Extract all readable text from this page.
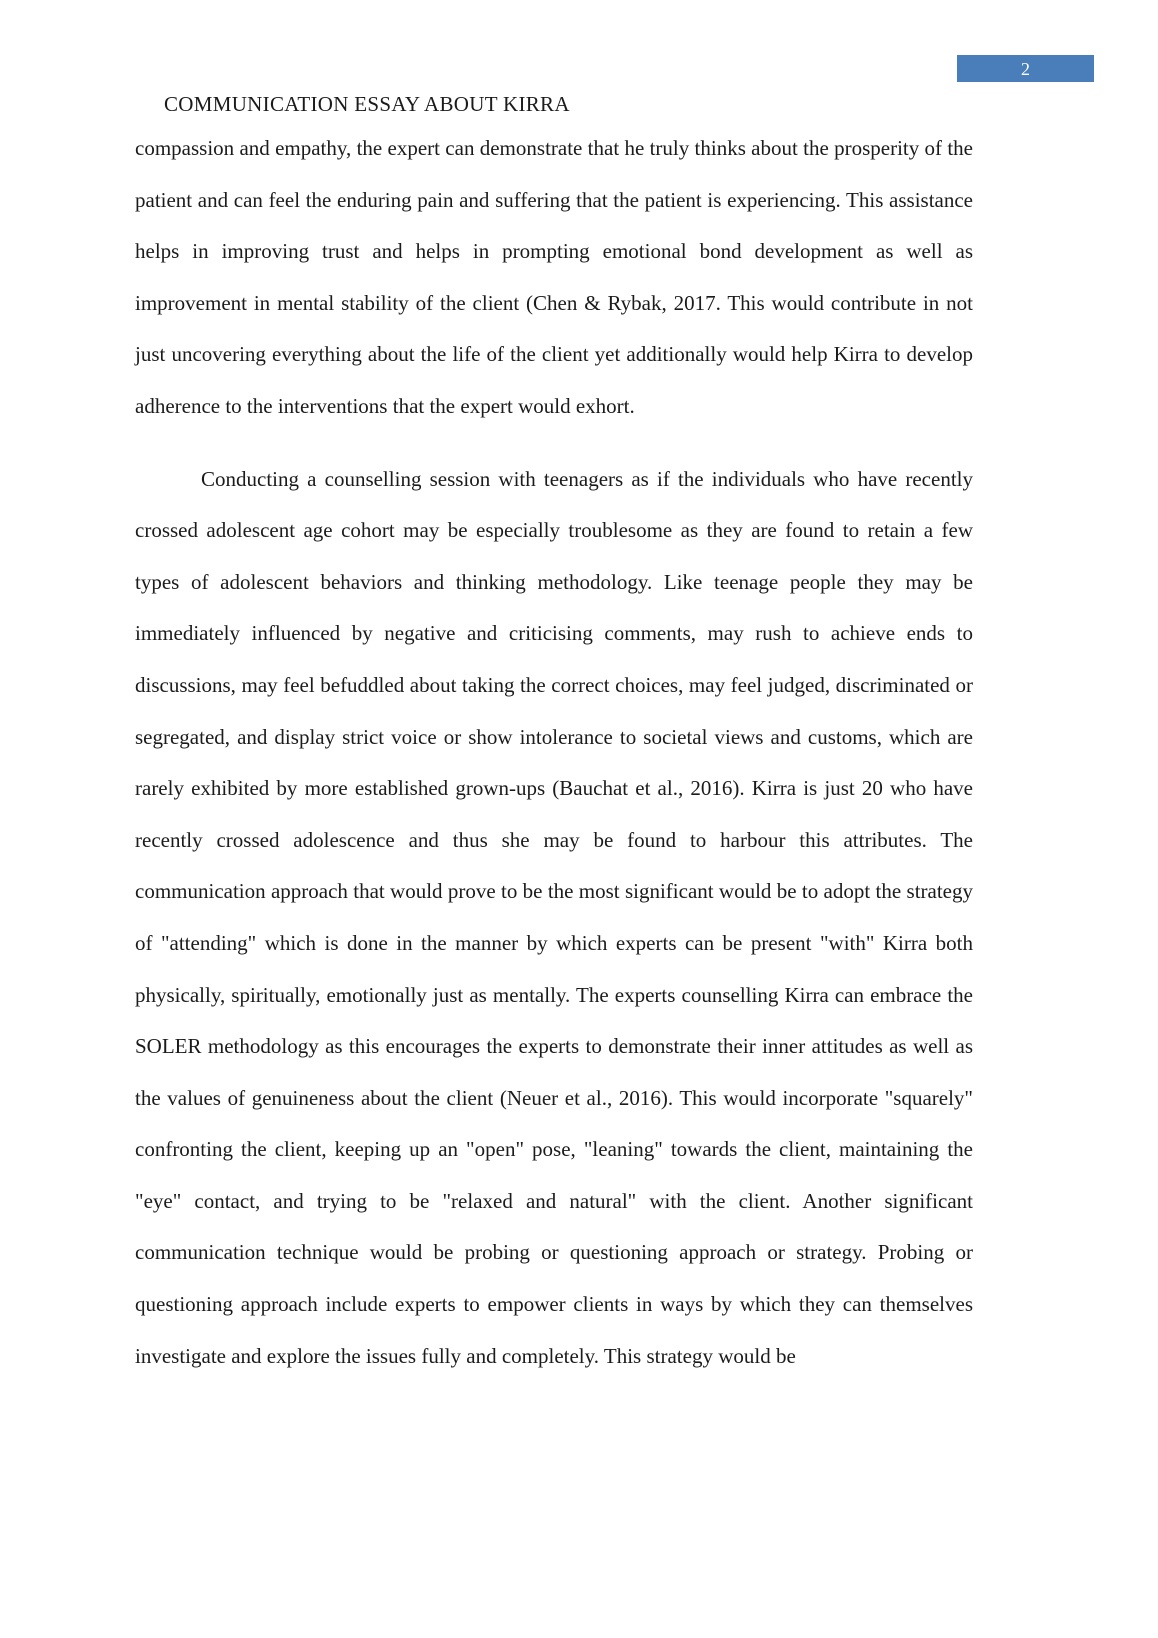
2
COMMUNICATION ESSAY ABOUT KIRRA

compassion and empathy, the expert can demonstrate that he truly thinks about the prosperity of the patient and can feel the enduring pain and suffering that the patient is experiencing. This assistance helps in improving trust and helps in prompting emotional bond development as well as improvement in mental stability of the client (Chen & Rybak, 2017. This would contribute in not just uncovering everything about the life of the client yet additionally would help Kirra to develop adherence to the interventions that the expert would exhort.

Conducting a counselling session with teenagers as if the individuals who have recently crossed adolescent age cohort may be especially troublesome as they are found to retain a few types of adolescent behaviors and thinking methodology. Like teenage people they may be immediately influenced by negative and criticising comments, may rush to achieve ends to discussions, may feel befuddled about taking the correct choices, may feel judged, discriminated or segregated, and display strict voice or show intolerance to societal views and customs, which are rarely exhibited by more established grown-ups (Bauchat et al., 2016). Kirra is just 20 who have recently crossed adolescence and thus she may be found to harbour this attributes. The communication approach that would prove to be the most significant would be to adopt the strategy of "attending" which is done in the manner by which experts can be present "with" Kirra both physically, spiritually, emotionally just as mentally. The experts counselling Kirra can embrace the SOLER methodology as this encourages the experts to demonstrate their inner attitudes as well as the values of genuineness about the client (Neuer et al., 2016). This would incorporate "squarely" confronting the client, keeping up an "open" pose, "leaning" towards the client, maintaining the "eye" contact, and trying to be "relaxed and natural" with the client. Another significant communication technique would be probing or questioning approach or strategy. Probing or questioning approach include experts to empower clients in ways by which they can themselves investigate and explore the issues fully and completely. This strategy would be
